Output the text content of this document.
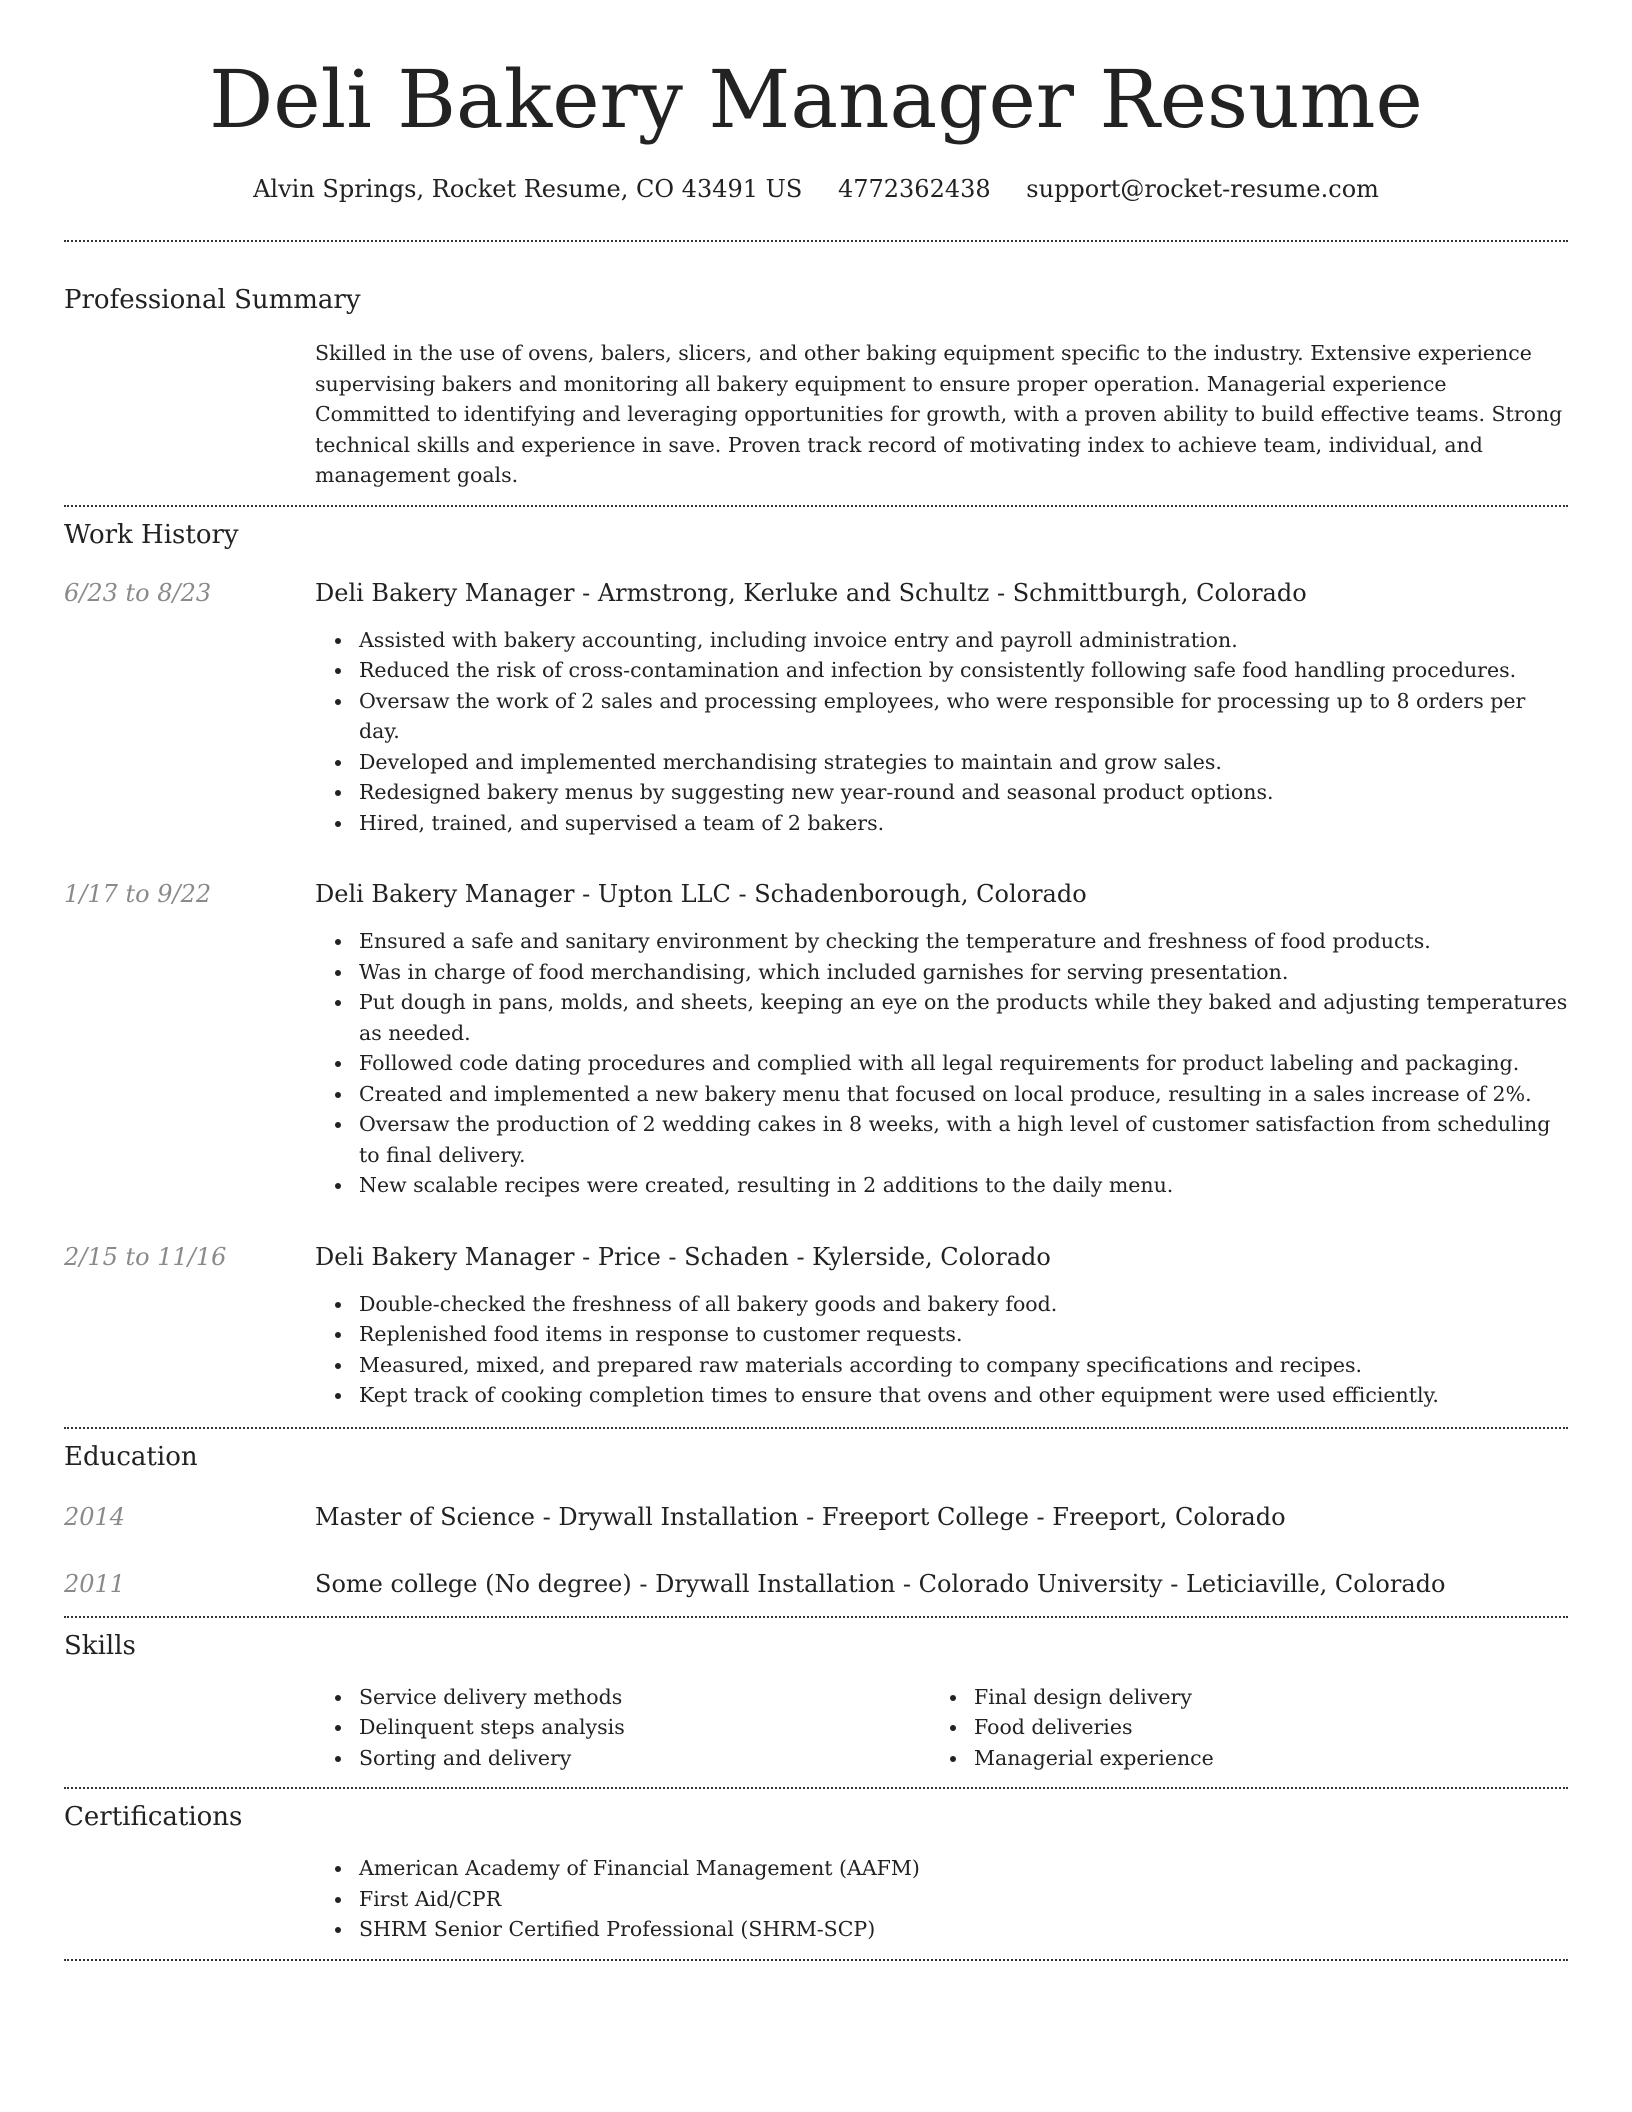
Deli Bakery Manager Resume
Alvin Springs, Rocket Resume, CO 43491 US 4772362438 support@rocket-resume.com
Professional Summary

Skilled in the use of ovens, balers, slicers, and other baking equipment specific to the industry. Extensive experience supervising bakers and monitoring all bakery equipment to ensure proper operation. Managerial experience Committed to identifying and leveraging opportunities for growth, with a proven ability to build effective teams. Strong technical skills and experience in save. Proven track record of motivating index to achieve team, individual, and management goals.

Work History
6/23 to 8/23	Deli Bakery Manager - Armstrong, Kerluke and Schultz - Schmittburgh, Colorado
Assisted with bakery accounting, including invoice entry and payroll administration.
Reduced the risk of cross-contamination and infection by consistently following safe food handling procedures.
Oversaw the work of 2 sales and processing employees, who were responsible for processing up to 8 orders per day.
Developed and implemented merchandising strategies to maintain and grow sales.
Redesigned bakery menus by suggesting new year-round and seasonal product options.
Hired, trained, and supervised a team of 2 bakers.
1/17 to 9/22	Deli Bakery Manager - Upton LLC - Schadenborough, Colorado
Ensured a safe and sanitary environment by checking the temperature and freshness of food products.
Was in charge of food merchandising, which included garnishes for serving presentation.
Put dough in pans, molds, and sheets, keeping an eye on the products while they baked and adjusting temperatures as needed.
Followed code dating procedures and complied with all legal requirements for product labeling and packaging.
Created and implemented a new bakery menu that focused on local produce, resulting in a sales increase of 2%.
Oversaw the production of 2 wedding cakes in 8 weeks, with a high level of customer satisfaction from scheduling to final delivery.
New scalable recipes were created, resulting in 2 additions to the daily menu.
2/15 to 11/16	Deli Bakery Manager - Price - Schaden - Kylerside, Colorado
Double-checked the freshness of all bakery goods and bakery food.
Replenished food items in response to customer requests.
Measured, mixed, and prepared raw materials according to company specifications and recipes.
Kept track of cooking completion times to ensure that ovens and other equipment were used efficiently.
Education
2014	Master of Science - Drywall Installation - Freeport College - Freeport, Colorado
2011	Some college (No degree) - Drywall Installation - Colorado University - Leticiaville, Colorado
Skills
Service delivery methods
Delinquent steps analysis
Sorting and delivery
Final design delivery
Food deliveries
Managerial experience
Certifications
American Academy of Financial Management (AAFM)
First Aid/CPR
SHRM Senior Certified Professional (SHRM-SCP)
